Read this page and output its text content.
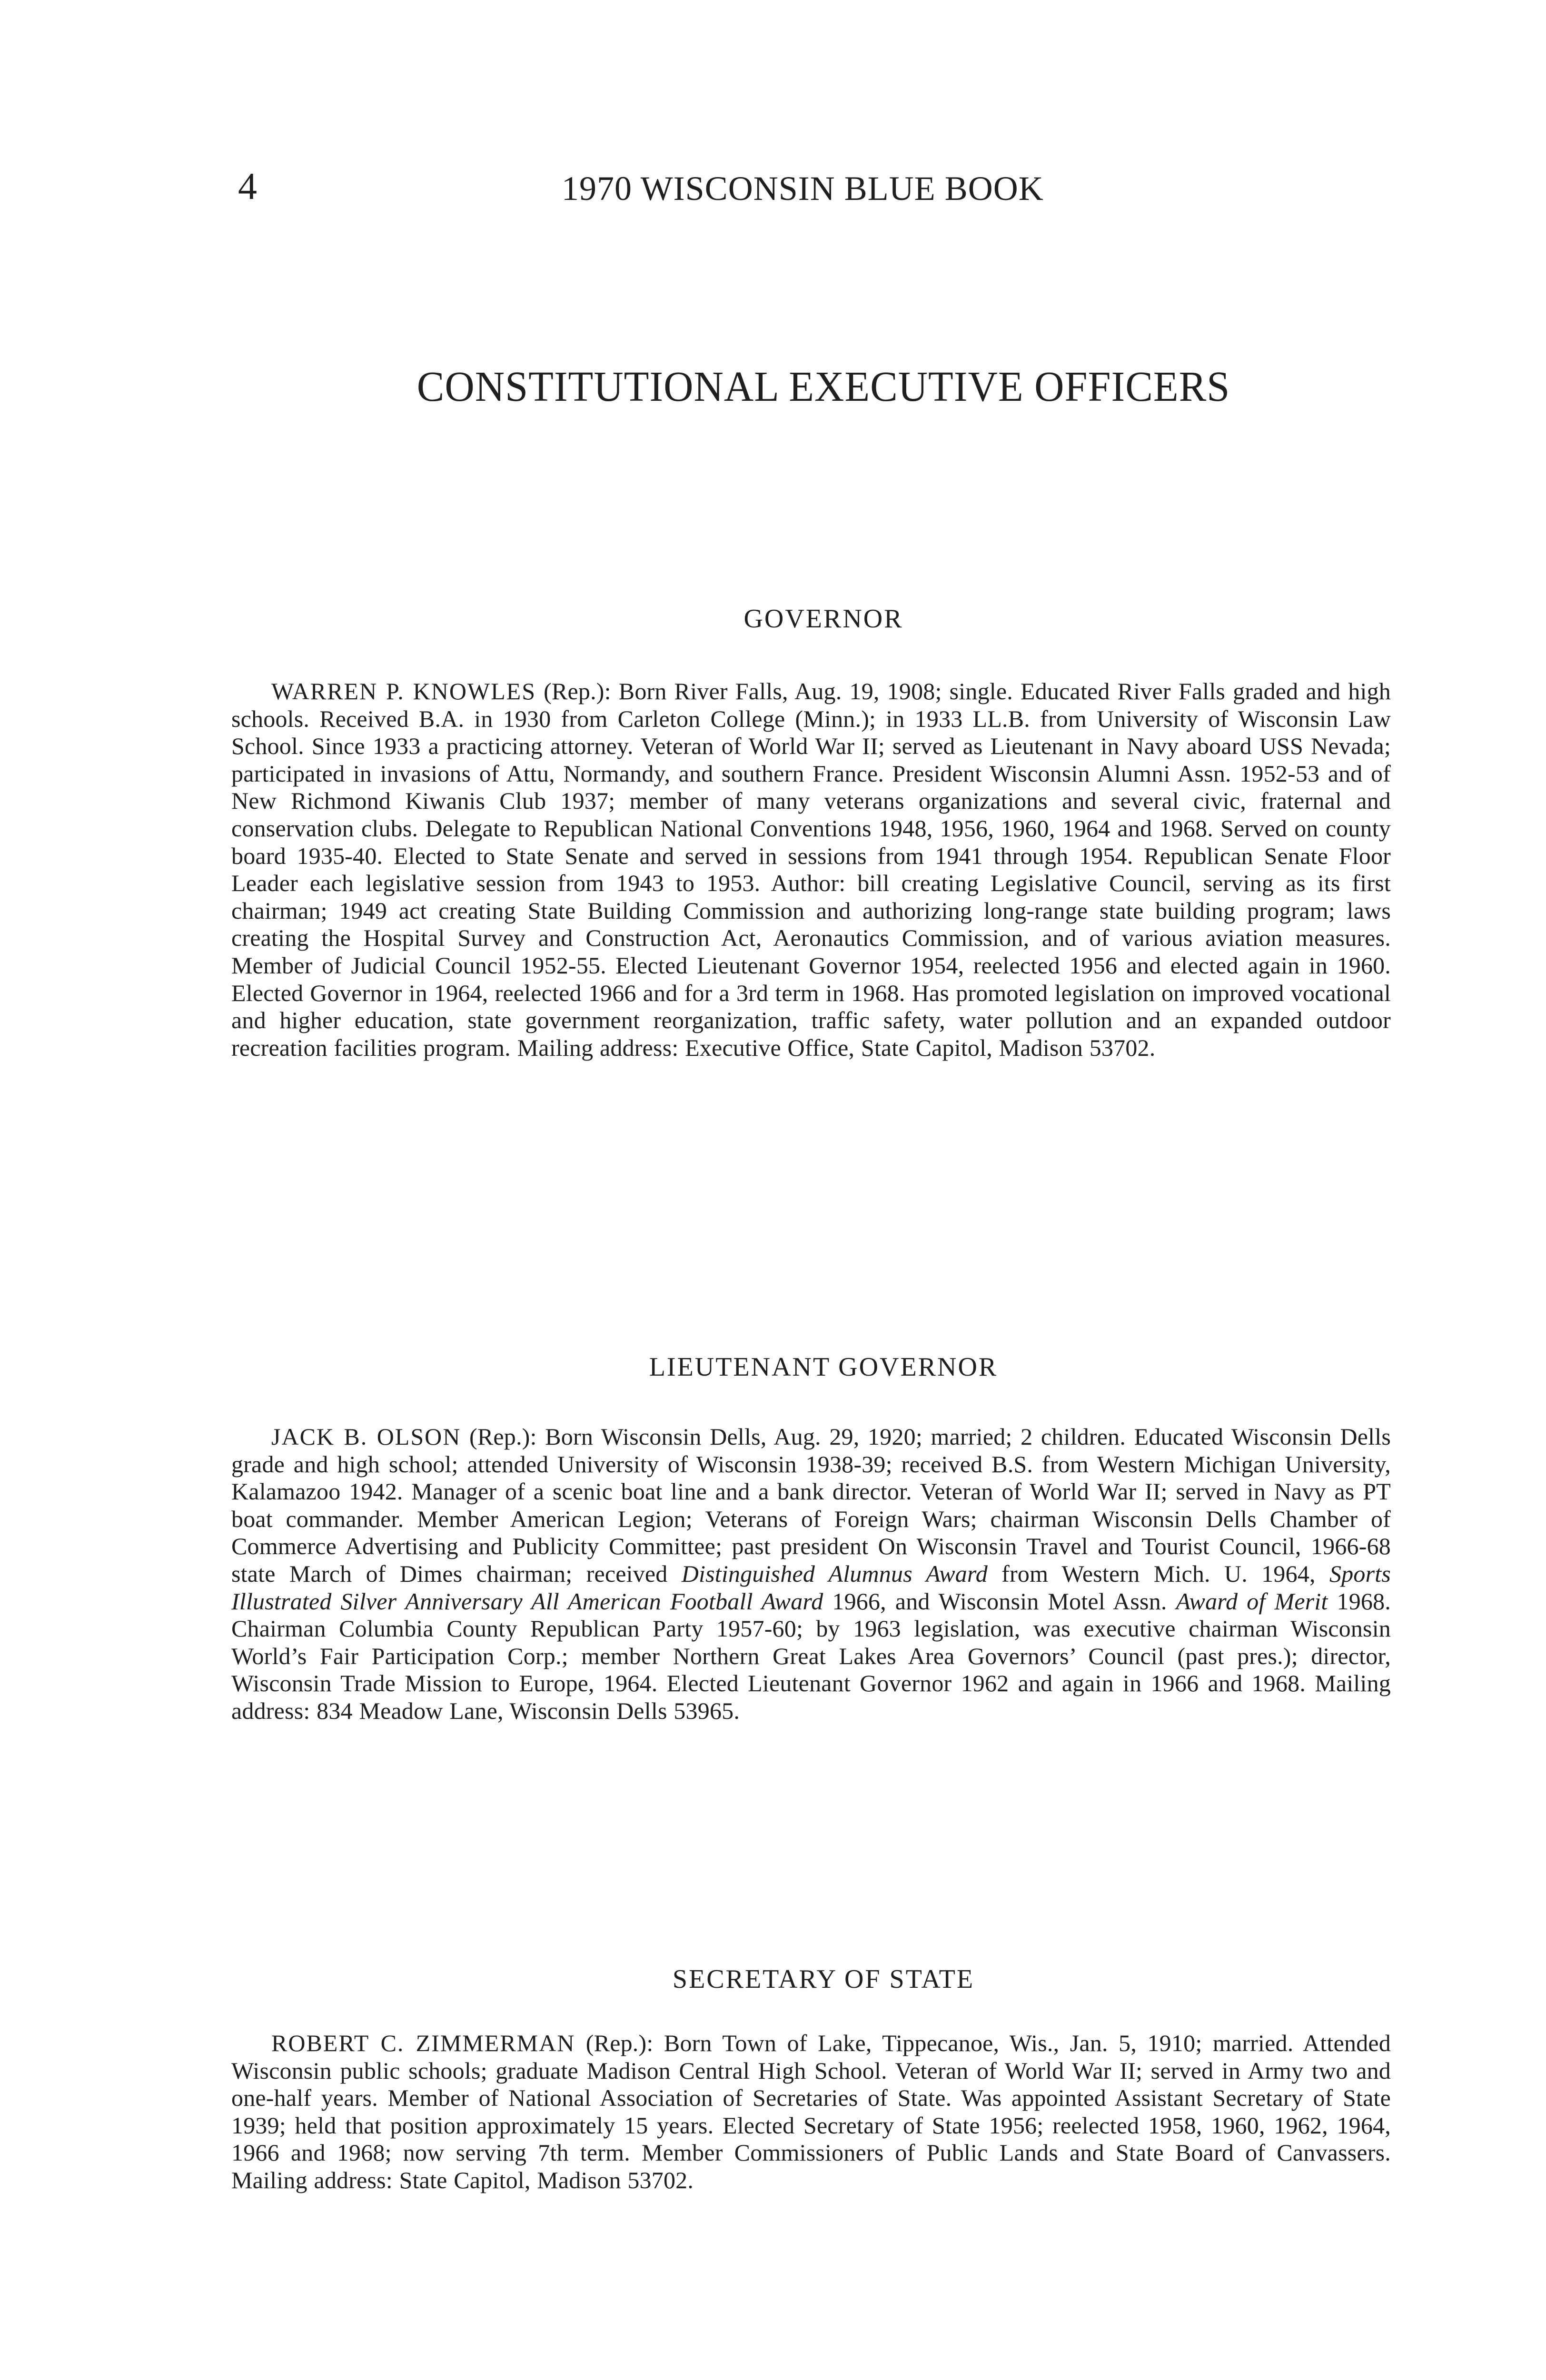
4	1970 WISCONSIN BLUE BOOK
CONSTITUTIONAL EXECUTIVE OFFICERS
GOVERNOR

WARREN P. KNOWLES (Rep.): Born River Falls, Aug. 19, 1908; single. Educated River Falls graded and high schools. Received B.A. in 1930 from Carleton College (Minn.); in 1933 LL.B. from University of Wisconsin Law School. Since 1933 a practicing attorney. Veteran of World War II; served as Lieutenant in Navy aboard USS Nevada; participated in invasions of Attu, Normandy, and southern France. President Wisconsin Alumni Assn. 1952-53 and of New Richmond Kiwanis Club 1937; member of many veterans organizations and several civic, fraternal and conservation clubs. Delegate to Republican National Conventions 1948, 1956, 1960, 1964 and 1968. Served on county board 1935-40. Elected to State Senate and served in sessions from 1941 through 1954. Republican Senate Floor Leader each legislative session from 1943 to 1953. Author: bill creating Legislative Council, serving as its first chairman; 1949 act creating State Building Commission and authorizing long-range state building program; laws creating the Hospital Survey and Construction Act, Aeronautics Commission, and of various aviation measures. Member of Judicial Council 1952-55. Elected Lieutenant Governor 1954, reelected 1956 and elected again in 1960. Elected Governor in 1964, reelected 1966 and for a 3rd term in 1968. Has promoted legislation on improved vocational and higher education, state government reorganization, traffic safety, water pollution and an expanded outdoor recreation facilities program. Mailing address: Executive Office, State Capitol, Madison 53702.

LIEUTENANT GOVERNOR

JACK B. OLSON (Rep.): Born Wisconsin Dells, Aug. 29, 1920; married; 2 children. Educated Wisconsin Dells grade and high school; attended University of Wisconsin 1938-39; received B.S. from Western Michigan University, Kalamazoo 1942. Manager of a scenic boat line and a bank director. Veteran of World War II; served in Navy as PT boat commander. Member American Legion; Veterans of Foreign Wars; chairman Wisconsin Dells Chamber of Commerce Advertising and Publicity Committee; past president On Wisconsin Travel and Tourist Council, 1966-68 state March of Dimes chairman; received Distinguished Alumnus Award from Western Mich. U. 1964, Sports Illustrated Silver Anniversary All American Football Award 1966, and Wisconsin Motel Assn. Award of Merit 1968. Chairman Columbia County Republican Party 1957-60; by 1963 legislation, was executive chairman Wisconsin World’s Fair Participation Corp.; member Northern Great Lakes Area Governors’ Council (past pres.); director, Wisconsin Trade Mission to Europe, 1964. Elected Lieutenant Governor 1962 and again in 1966 and 1968. Mailing address: 834 Meadow Lane, Wisconsin Dells 53965.

SECRETARY OF STATE

ROBERT C. ZIMMERMAN (Rep.): Born Town of Lake, Tippecanoe, Wis., Jan. 5, 1910; married. Attended Wisconsin public schools; graduate Madison Central High School. Veteran of World War II; served in Army two and one-half years. Member of National Association of Secretaries of State. Was appointed Assistant Secretary of State 1939; held that position approximately 15 years. Elected Secretary of State 1956; reelected 1958, 1960, 1962, 1964, 1966 and 1968; now serving 7th term. Member Commissioners of Public Lands and State Board of Canvassers. Mailing address: State Capitol, Madison 53702.
